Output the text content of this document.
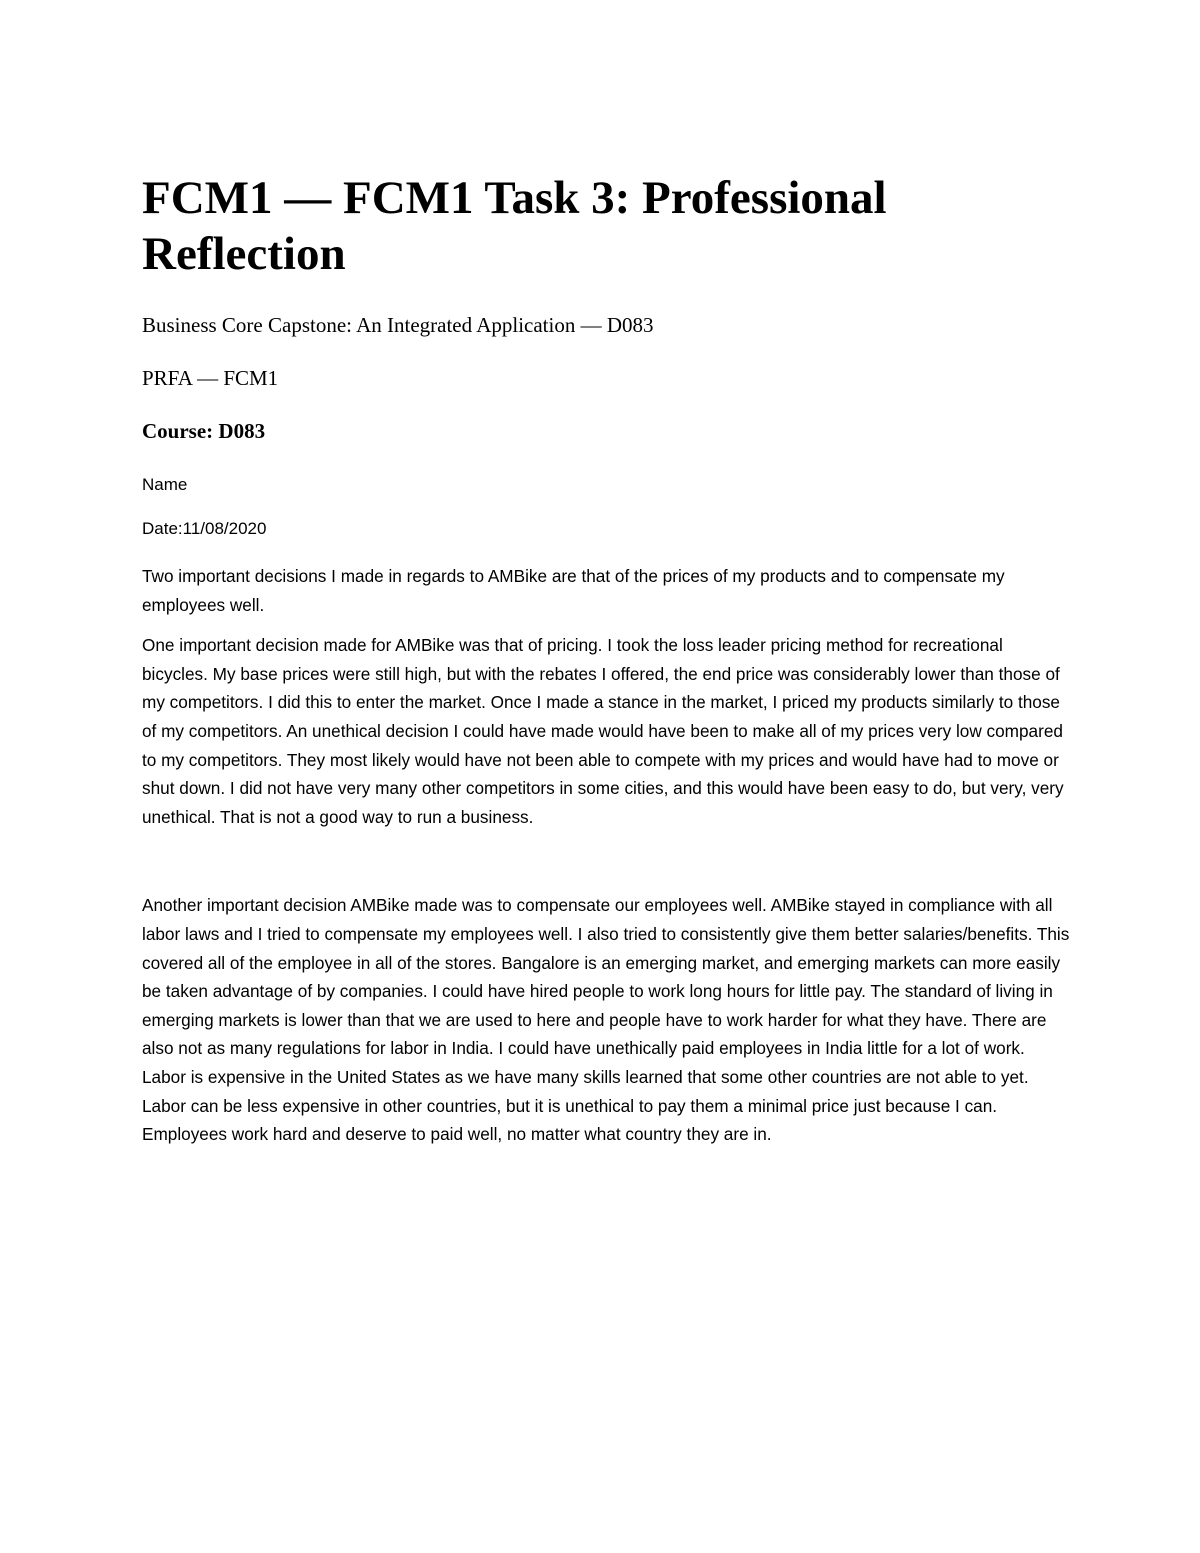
FCM1 — FCM1 Task 3: Professional Reflection

Business Core Capstone: An Integrated Application — D083

PRFA — FCM1

Course: D083

Name

Date:11/08/2020

Two important decisions I made in regards to AMBike are that of the prices of my products and to compensate my employees well.

One important decision made for AMBike was that of pricing. I took the loss leader pricing method for recreational bicycles. My base prices were still high, but with the rebates I offered, the end price was considerably lower than those of my competitors. I did this to enter the market. Once I made a stance in the market, I priced my products similarly to those of my competitors. An unethical decision I could have made would have been to make all of my prices very low compared to my competitors. They most likely would have not been able to compete with my prices and would have had to move or shut down. I did not have very many other competitors in some cities, and this would have been easy to do, but very, very unethical. That is not a good way to run a business.

Another important decision AMBike made was to compensate our employees well. AMBike stayed in compliance with all labor laws and I tried to compensate my employees well. I also tried to consistently give them better salaries/benefits. This covered all of the employee in all of the stores. Bangalore is an emerging market, and emerging markets can more easily be taken advantage of by companies. I could have hired people to work long hours for little pay. The standard of living in emerging markets is lower than that we are used to here and people have to work harder for what they have. There are also not as many regulations for labor in India. I could have unethically paid employees in India little for a lot of work. Labor is expensive in the United States as we have many skills learned that some other countries are not able to yet. Labor can be less expensive in other countries, but it is unethical to pay them a minimal price just because I can. Employees work hard and deserve to paid well, no matter what country they are in.
